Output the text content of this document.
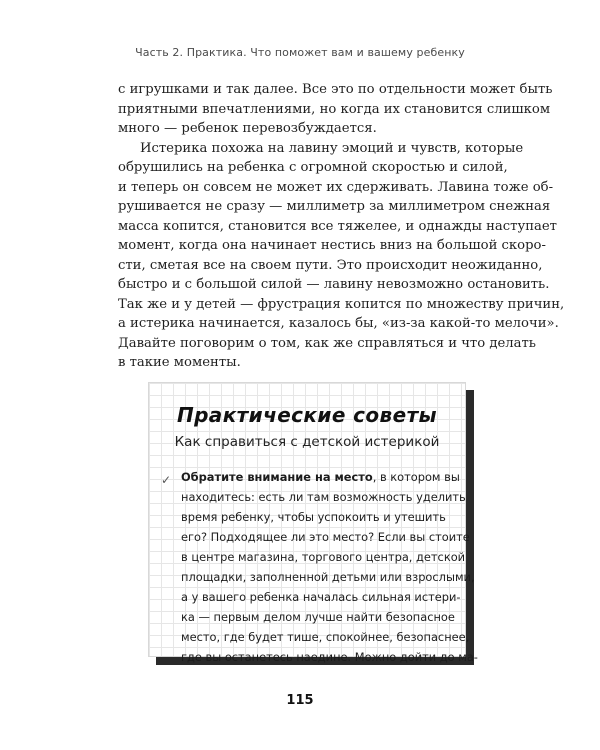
Часть 2. Практика. Что поможет вам и вашему ребенку

с игрушками и так далее. Все это по отдельности может быть
приятными впечатлениями, но когда их становится слишком
много — ребенок перевозбуждается.

Истерика похожа на лавину эмоций и чувств, которые
обрушились на ребенка с огромной скоростью и силой,
и теперь он совсем не может их сдерживать. Лавина тоже об-
рушивается не сразу — миллиметр за миллиметром снежная
масса копится, становится все тяжелее, и однажды наступает
момент, когда она начинает нестись вниз на большой скоро-
сти, сметая все на своем пути. Это происходит неожиданно,
быстро и с большой силой — лавину невозможно остановить.
Так же и у детей — фрустрация копится по множеству причин,
а истерика начинается, казалось бы, «из-за какой-то мелочи».
Давайте поговорим о том, как же справляться и что делать
в такие моменты.

Практические советы
Как справиться с детской истерикой
✓ Обратите внимание на место, в котором вы
находитесь: есть ли там возможность уделить
время ребенку, чтобы успокоить и утешить
его? Подходящее ли это место? Если вы стоите
в центре магазина, торгового центра, детской
площадки, заполненной детьми или взрослыми,
а у вашего ребенка началась сильная истери-
ка — первым делом лучше найти безопасное
место, где будет тише, спокойнее, безопаснее,
где вы останетесь наедине. Можно дойти до ма-
115
